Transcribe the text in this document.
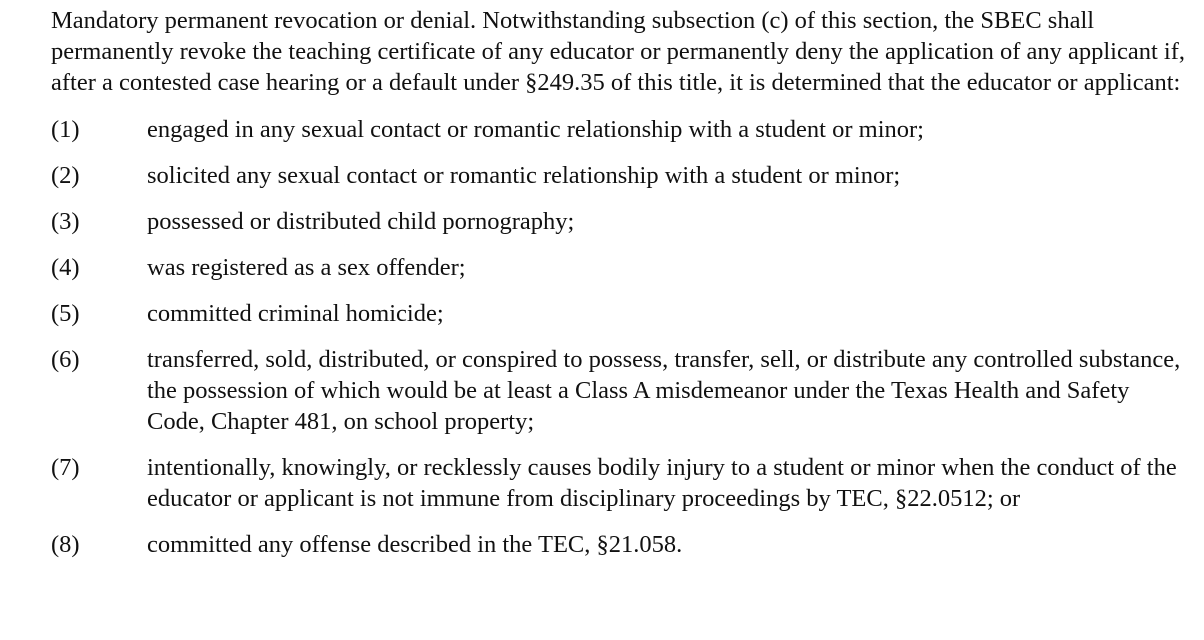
Mandatory permanent revocation or denial. Notwithstanding subsection (c) of this section, the SBEC shall permanently revoke the teaching certificate of any educator or permanently deny the application of any applicant if, after a contested case hearing or a default under §249.35 of this title, it is determined that the educator or applicant:

(1)	engaged in any sexual contact or romantic relationship with a student or minor;
(2)	solicited any sexual contact or romantic relationship with a student or minor;
(3)	possessed or distributed child pornography;
(4)	was registered as a sex offender;
(5)	committed criminal homicide;
(6)	transferred, sold, distributed, or conspired to possess, transfer, sell, or distribute any controlled substance, the possession of which would be at least a Class A misdemeanor under the Texas Health and Safety Code, Chapter 481, on school property;
(7)	intentionally, knowingly, or recklessly causes bodily injury to a student or minor when the conduct of the educator or applicant is not immune from disciplinary proceedings by TEC, §22.0512; or
(8)	committed any offense described in the TEC, §21.058.
